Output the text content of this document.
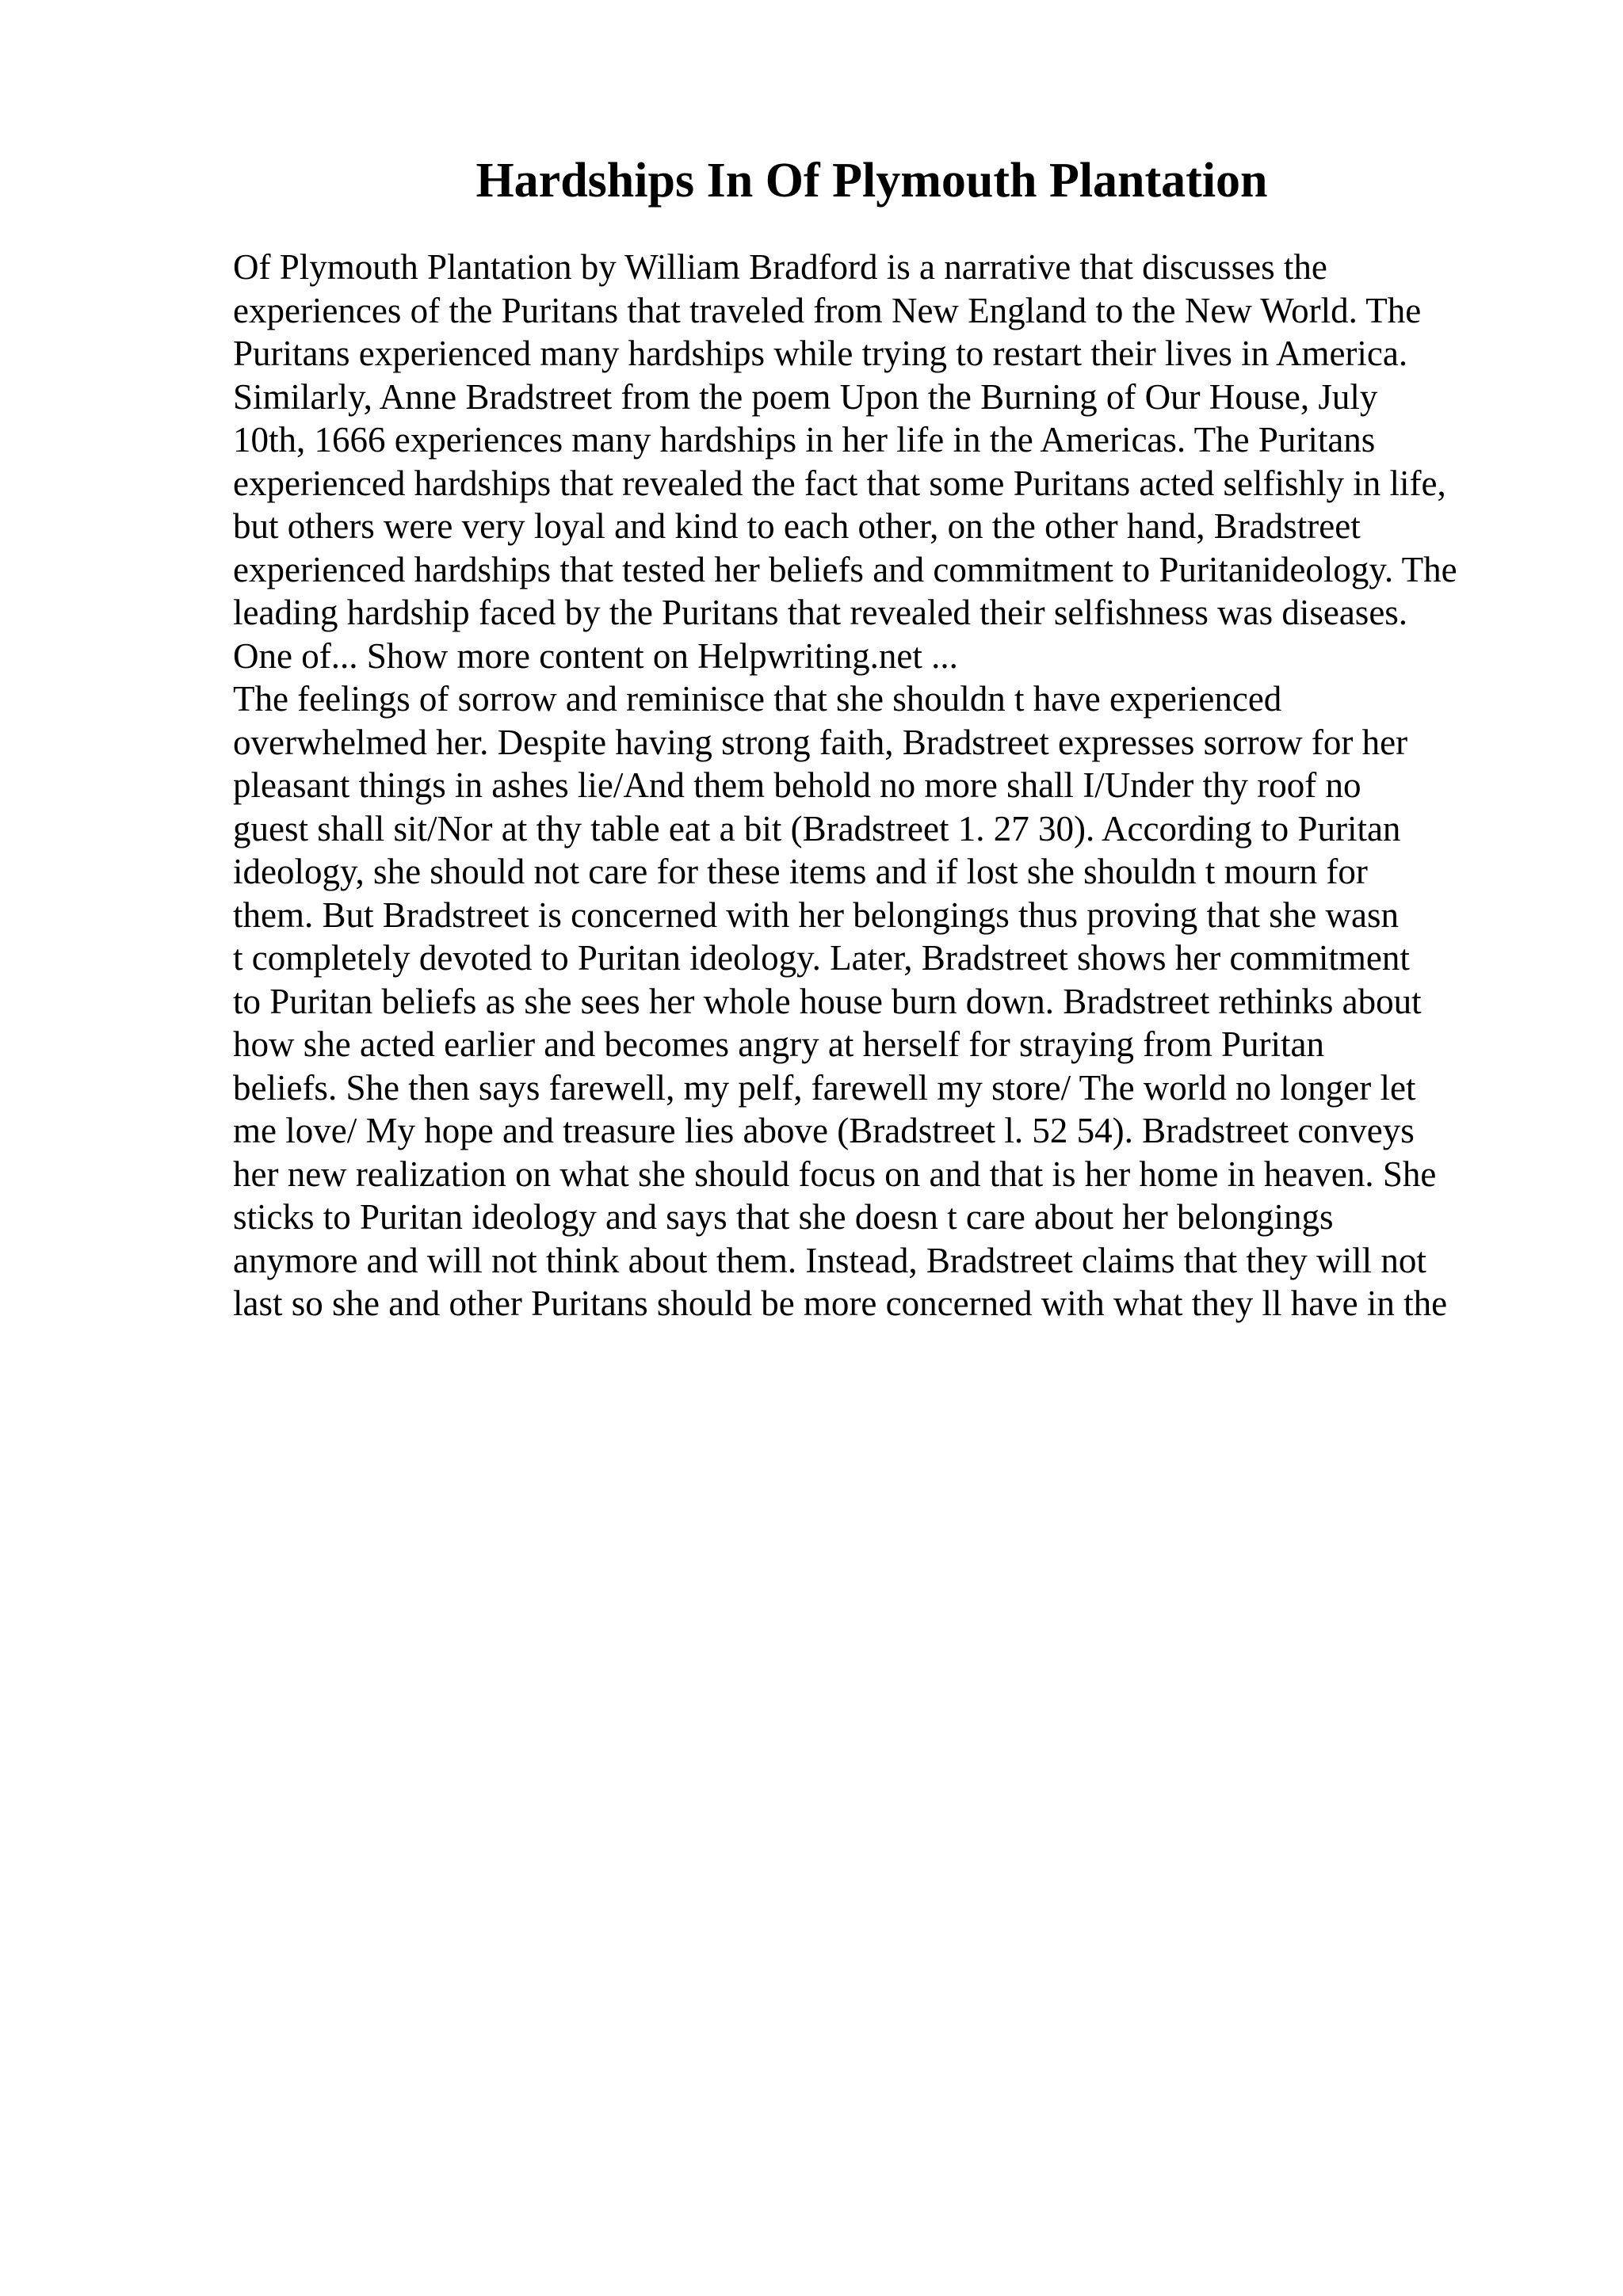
Hardships In Of Plymouth Plantation
Of Plymouth Plantation by William Bradford is a narrative that discusses the
experiences of the Puritans that traveled from New England to the New World. The
Puritans experienced many hardships while trying to restart their lives in America.
Similarly, Anne Bradstreet from the poem Upon the Burning of Our House, July
10th, 1666 experiences many hardships in her life in the Americas. The Puritans
experienced hardships that revealed the fact that some Puritans acted selfishly in life,
but others were very loyal and kind to each other, on the other hand, Bradstreet
experienced hardships that tested her beliefs and commitment to Puritanideology. The
leading hardship faced by the Puritans that revealed their selfishness was diseases.
One of... Show more content on Helpwriting.net ...
The feelings of sorrow and reminisce that she shouldn t have experienced
overwhelmed her. Despite having strong faith, Bradstreet expresses sorrow for her
pleasant things in ashes lie/And them behold no more shall I/Under thy roof no
guest shall sit/Nor at thy table eat a bit (Bradstreet 1. 27 30). According to Puritan
ideology, she should not care for these items and if lost she shouldn t mourn for
them. But Bradstreet is concerned with her belongings thus proving that she wasn
t completely devoted to Puritan ideology. Later, Bradstreet shows her commitment
to Puritan beliefs as she sees her whole house burn down. Bradstreet rethinks about
how she acted earlier and becomes angry at herself for straying from Puritan
beliefs. She then says farewell, my pelf, farewell my store/ The world no longer let
me love/ My hope and treasure lies above (Bradstreet l. 52 54). Bradstreet conveys
her new realization on what she should focus on and that is her home in heaven. She
sticks to Puritan ideology and says that she doesn t care about her belongings
anymore and will not think about them. Instead, Bradstreet claims that they will not
last so she and other Puritans should be more concerned with what they ll have in the
